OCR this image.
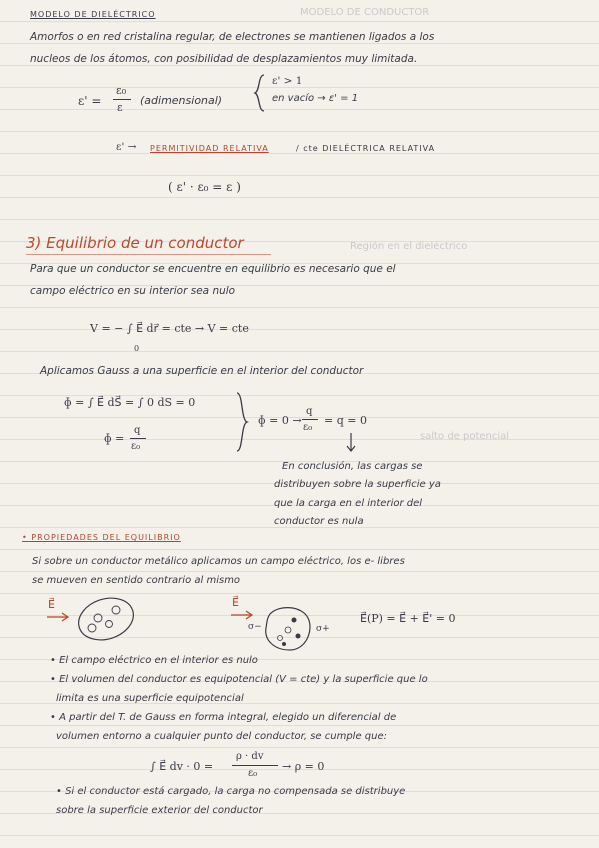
MODELO DE CONDUCTOR
Región en el dieléctrico
salto de potencial
MODELO DE DIELÉCTRICO
Amorfos o en red cristalina regular, de electrones se mantienen ligados a los
nucleos de los átomos, con posibilidad de desplazamientos muy limitada.
ε' =
ε₀
ε
(adimensional)
ε' > 1
en vacío → ε' = 1
ε' → PERMITIVIDAD RELATIVA	/ cte DIELÉCTRICA RELATIVA
( ε' · ε₀ = ε )
3) Equilibrio de un conductor
Para que un conductor se encuentre en equilibrio es necesario que el
campo eléctrico en su interior sea nulo
V = − ∫ E⃗ dr⃗ = cte → V = cte
0
Aplicamos Gauss a una superficie en el interior del conductor
ɸ = ∫ E⃗ dS⃗ = ∫ 0 dS = 0
ɸ =
q
ε₀
ɸ = 0 →
q
ε₀
= q = 0
En conclusión, las cargas se
distribuyen sobre la superficie ya
que la carga en el interior del
conductor es nula
• PROPIEDADES DEL EQUILIBRIO
Si sobre un conductor metálico aplicamos un campo eléctrico, los e- libres
se mueven en sentido contrario al mismo
E⃗	E⃗
σ−	σ+
E⃗(P) = E⃗ + E⃗' = 0
• El campo eléctrico en el interior es nulo
• El volumen del conductor es equipotencial (V = cte) y la superficie que lo
limita es una superficie equipotencial
• A partir del T. de Gauss en forma integral, elegido un diferencial de
volumen entorno a cualquier punto del conductor, se cumple que:
∫ E⃗ dv · 0 =
ρ · dv
ε₀
→ ρ = 0
• Si el conductor está cargado, la carga no compensada se distribuye
sobre la superficie exterior del conductor
